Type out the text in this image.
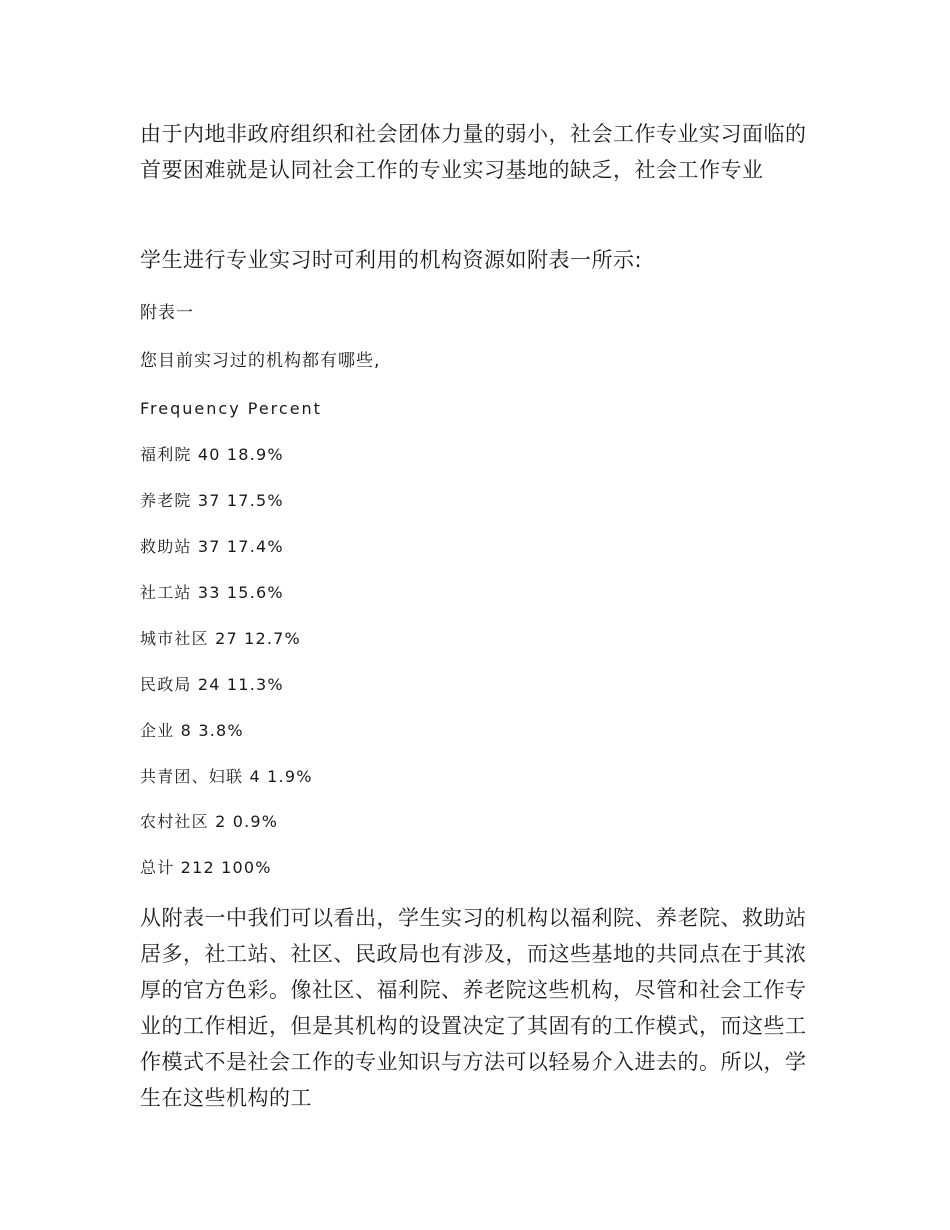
由于内地非政府组织和社会团体力量的弱小，社会工作专业实习面临的首要困难就是认同社会工作的专业实习基地的缺乏，社会工作专业

学生进行专业实习时可利用的机构资源如附表一所示:

附表一

您目前实习过的机构都有哪些,

Frequency Percent

福利院 40 18.9%

养老院 37 17.5%

救助站 37 17.4%

社工站 33 15.6%

城市社区 27 12.7%

民政局 24 11.3%

企业 8 3.8%

共青团、妇联 4 1.9%

农村社区 2 0.9%

总计 212 100%

从附表一中我们可以看出，学生实习的机构以福利院、养老院、救助站居多，社工站、社区、民政局也有涉及，而这些基地的共同点在于其浓厚的官方色彩。像社区、福利院、养老院这些机构，尽管和社会工作专业的工作相近，但是其机构的设置决定了其固有的工作模式，而这些工作模式不是社会工作的专业知识与方法可以轻易介入进去的。所以，学生在这些机构的工
